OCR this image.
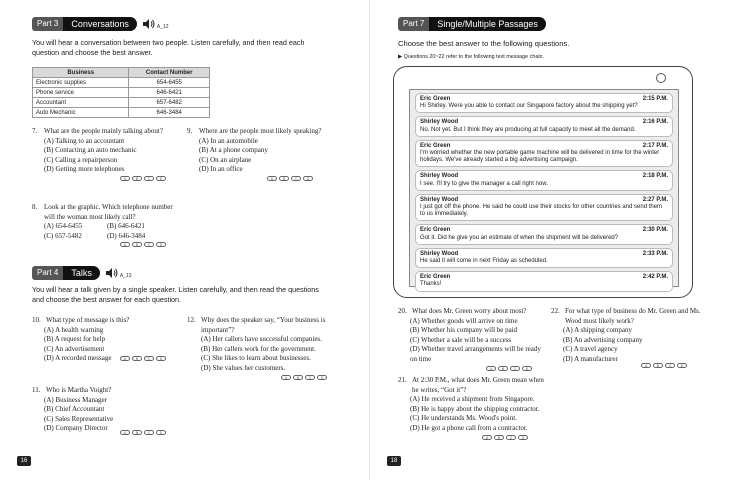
Part 3	Conversations	A_12
You will hear a conversation between two people. Listen carefully, and then read each question and choose the best answer.
Business	Contact Number
Electronic supplies	654-6455
Phone service	646-6421
Accountant	657-6482
Auto Mechanic	646-3484
7. What are the people mainly talking about?
(A) Talking to an accountant
(B) Contacting an auto mechanic
(C) Calling a repairperson
(D) Getting more telephones
A	B	C	D
9. Where are the people most likely speaking?
(A) In an automobile
(B) At a phone company
(C) On an airplane
(D) In an office
A	B	C	D
8. Look at the graphic. Which telephone number will the woman most likely call?
(A) 654-6455
(C) 657-5482
(B) 646-6421
(D) 646-3484
A	B	C	D
Part 4	Talks	A_13
You will hear a talk given by a single speaker. Listen carefully, and then read the questions and choose the best answer for each question.
10. What type of message is this?
(A) A health warning
(B) A request for help
(C) An advertisement
(D) A recorded message	A	B	C	D
11. Who is Martha Voight?
(A) Business Manager
(B) Chief Accountant
(C) Sales Representative
(D) Company Director
A	B	C	D
12. Why does the speaker say, “Your business is important”?
(A) Her callers have successful companies.
(B) Her callers work for the government.
(C) She likes to learn about businesses.
(D) She values her customers.
A	B	C	D
16
Part 7	Single/Multiple Passages
Choose the best answer to the following questions.
▶ Questions 20~22 refer to the following text message chain.
Eric Green	2:15 P.M.
Hi Shirley. Were you able to contact our Singapore factory about the shipping yet?
Shirley Wood	2:16 P.M.
No. Not yet. But I think they are producing at full capacity to meet all the demand.
Eric Green	2:17 P.M.
I'm worried whether the new portable game machine will be delivered in time for the winter holidays. We've already started a big advertising campaign.
Shirley Wood	2:18 P.M.
I see. I'll try to give the manager a call right now.
Shirley Wood	2:27 P.M.
I just got off the phone. He said he could use their stocks for other countries and send them to us immediately.
Eric Green	2:30 P.M.
Got it. Did he give you an estimate of when the shipment will be delivered?
Shirley Wood	2:33 P.M.
He said it will come in next Friday as scheduled.
Eric Green	2:42 P.M.
Thanks!
20. What does Mr. Green worry about most?
(A) Whether goods will arrive on time
(B) Whether his company will be paid
(C) Whether a sale will be a success
(D) Whether travel arrangements will be ready on time
A	B	C	D
21. At 2:30 P.M., what does Mr. Green mean when he writes, “Got it”?
(A) He received a shipment from Singapore.
(B) He is happy about the shipping contractor.
(C) He understands Ms. Wood's point.
(D) He got a phone call from a contractor.
A	B	C	D
22. For what type of business do Mr. Green and Ms. Wood most likely work?
(A) A shipping company
(B) An advertising company
(C) A travel agency
(D) A manufacturer
A	B	C	D
18
